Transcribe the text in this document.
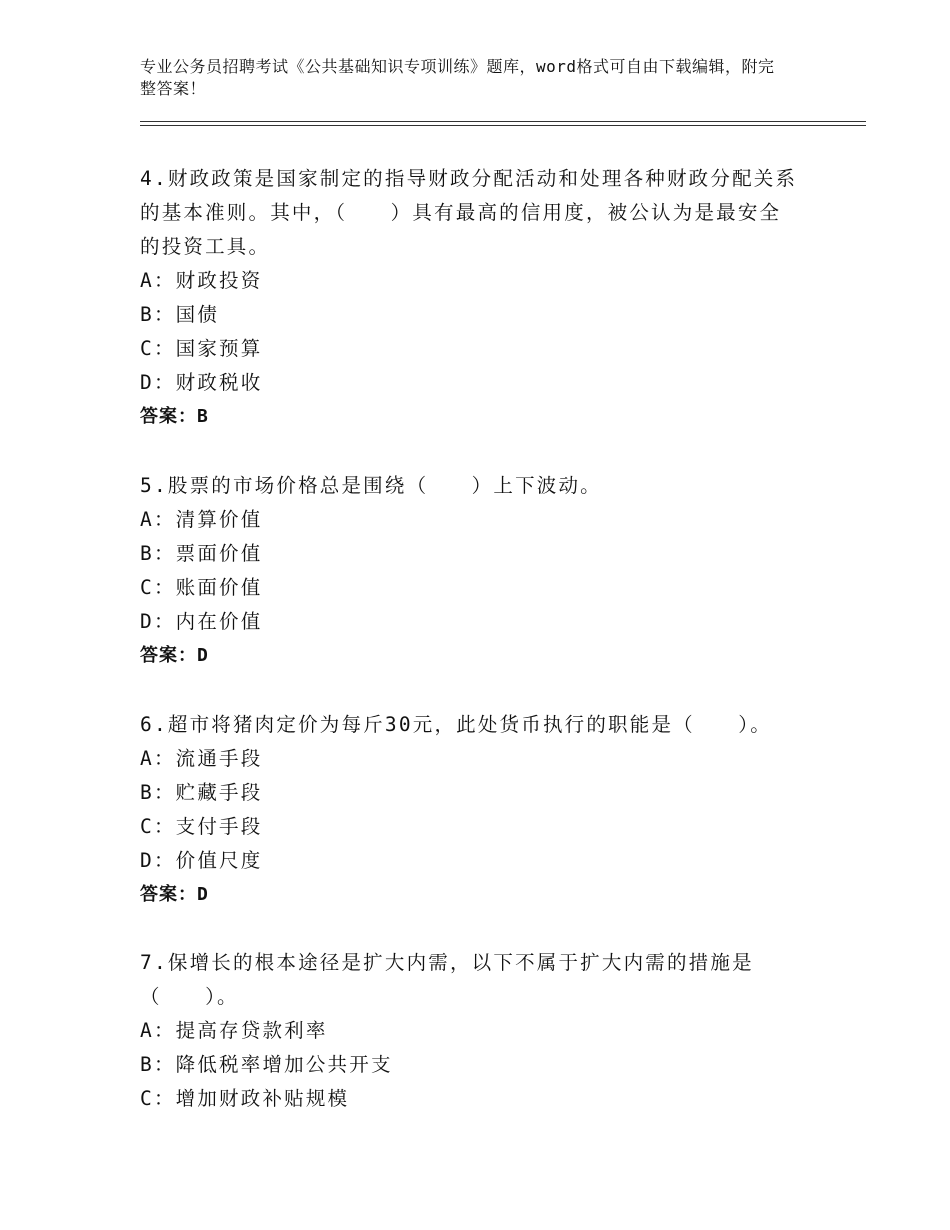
专业公务员招聘考试《公共基础知识专项训练》题库，word格式可自由下载编辑，附完整答案！

4.财政政策是国家制定的指导财政分配活动和处理各种财政分配关系的基本准则。其中，（　　）具有最高的信用度，被公认为是最安全的投资工具。

A：财政投资

B：国债

C：国家预算

D：财政税收

答案：B

5.股票的市场价格总是围绕（　　）上下波动。

A：清算价值

B：票面价值

C：账面价值

D：内在价值

答案：D

6.超市将猪肉定价为每斤30元，此处货币执行的职能是（　　）。

A：流通手段

B：贮藏手段

C：支付手段

D：价值尺度

答案：D

7.保增长的根本途径是扩大内需，以下不属于扩大内需的措施是（　　）。

A：提高存贷款利率

B：降低税率增加公共开支

C：增加财政补贴规模
